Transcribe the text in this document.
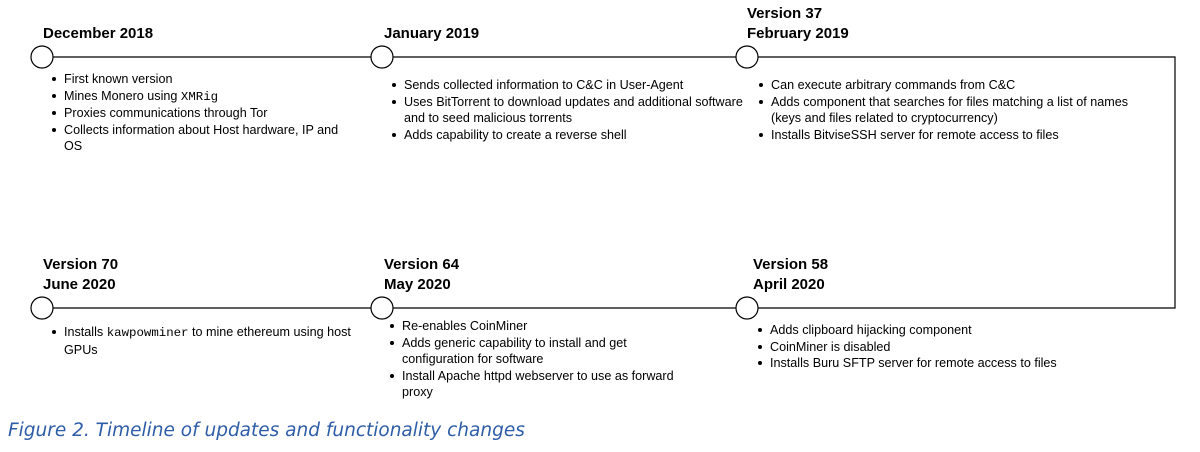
December 2018
First known version
Mines Monero using XMRig
Proxies communications through Tor
Collects information about Host hardware, IP and OS
January 2019
Sends collected information to C&C in User-Agent
Uses BitTorrent to download updates and additional software and to seed malicious torrents
Adds capability to create a reverse shell
Version 37
February 2019
Can execute arbitrary commands from C&C
Adds component that searches for files matching a list of names (keys and files related to cryptocurrency)
Installs BitviseSSH server for remote access to files
Version 70
June 2020
Installs kawpowminer to mine ethereum using host GPUs
Version 64
May 2020
Re-enables CoinMiner
Adds generic capability to install and get configuration for software
Install Apache httpd webserver to use as forward proxy
Version 58
April 2020
Adds clipboard hijacking component
CoinMiner is disabled
Installs Buru SFTP server for remote access to files

Figure 2. Timeline of updates and functionality changes
